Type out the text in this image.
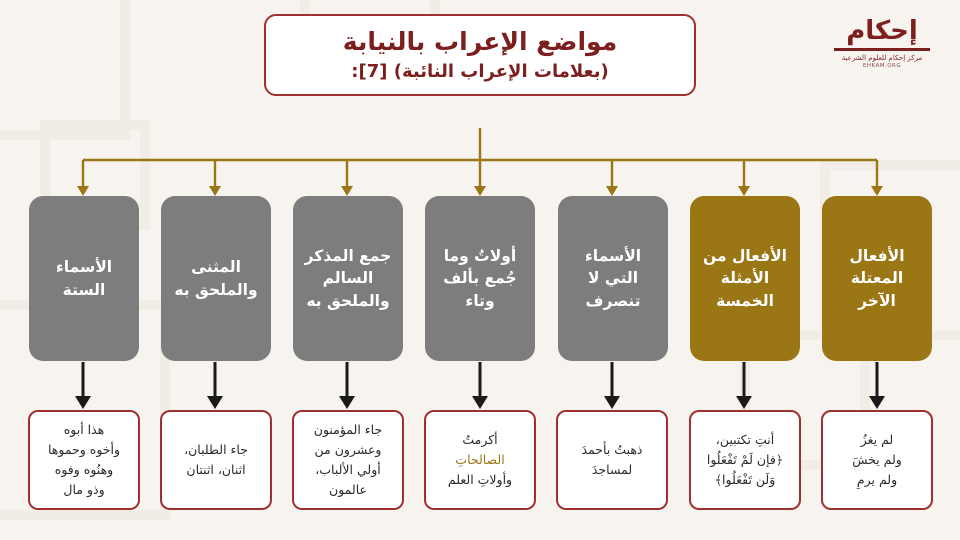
إحكام
مركز إحكام للعلوم الشرعية
EHKAM.ORG
مواضع الإعراب بالنيابة
(بعلامات الإعراب النائبة) [7]:
الأسماء الستة
المثنى والملحق به
جمع المذكر السالم والملحق به
أولاتُ وما جُمع بألف وتاء
الأسماء التي لا تنصرف
الأفعال من الأمثلة الخمسة
الأفعال المعتلة الآخر
هذا أبوه
وأخوه وحموها
وهنُوه وفوه
وذو مال
جاء الطلبان،
اثنان، اثنتان
جاء المؤمنون
وعشرون من
أولي الألباب،
عالمون
أكرمتُ
الصالحاتِ
وأولاتِ العلم
ذهبتُ بأحمدَ
لمساجدَ
أنتِ تكتبين،
﴿فإن لَمْ تَفْعَلُوا
وَلَن تَفْعَلُوا﴾
لم يغزُ
ولم يخشَ
ولم يرمِ
